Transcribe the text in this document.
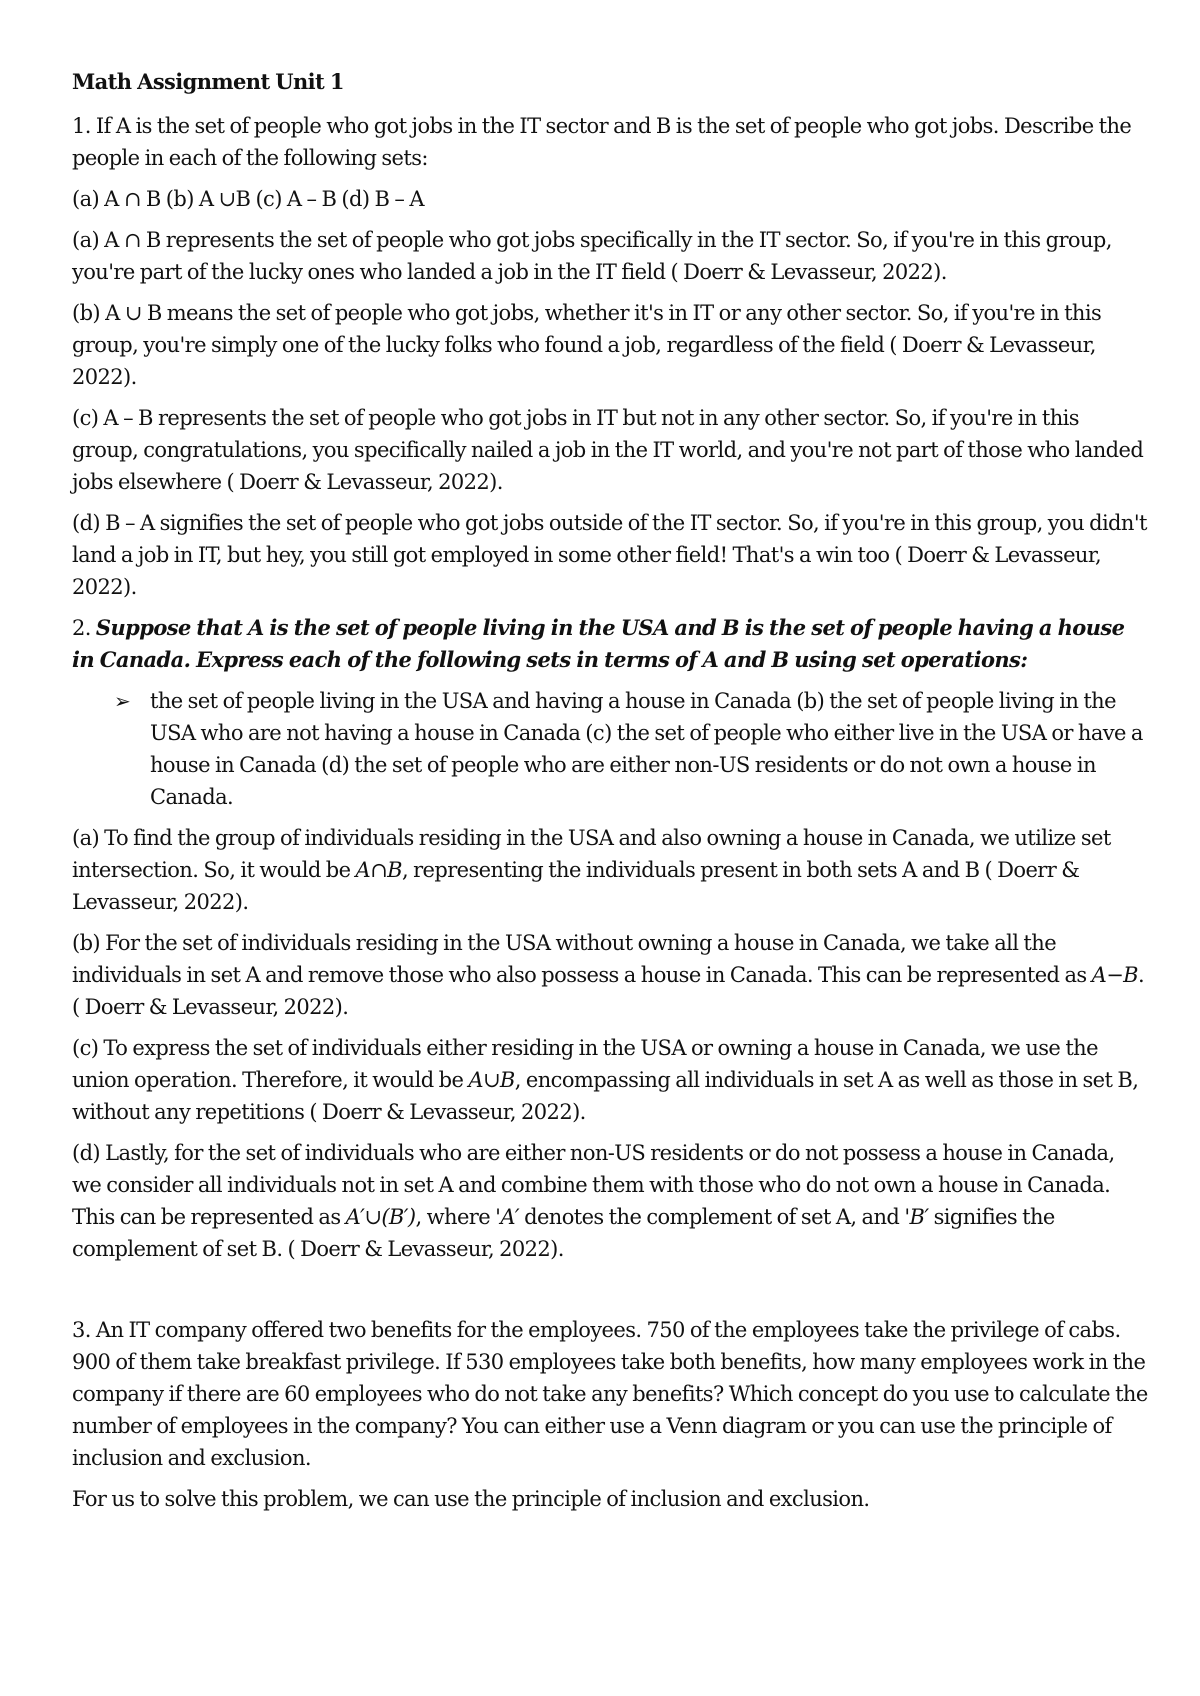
Math Assignment Unit 1

1. If A is the set of people who got jobs in the IT sector and B is the set of people who got jobs. Describe the people in each of the following sets:

(a) A ∩ B (b) A ∪B (c) A – B (d) B – A

(a) A ∩ B represents the set of people who got jobs specifically in the IT sector. So, if you're in this group, you're part of the lucky ones who landed a job in the IT field ( Doerr & Levasseur, 2022).

(b) A ∪ B means the set of people who got jobs, whether it's in IT or any other sector. So, if you're in this group, you're simply one of the lucky folks who found a job, regardless of the field ( Doerr & Levasseur, 2022).

(c) A – B represents the set of people who got jobs in IT but not in any other sector. So, if you're in this group, congratulations, you specifically nailed a job in the IT world, and you're not part of those who landed jobs elsewhere ( Doerr & Levasseur, 2022).

(d) B – A signifies the set of people who got jobs outside of the IT sector. So, if you're in this group, you didn't land a job in IT, but hey, you still got employed in some other field! That's a win too ( Doerr & Levasseur, 2022).

2. Suppose that A is the set of people living in the USA and B is the set of people having a house in Canada. Express each of the following sets in terms of A and B using set operations:

➢ the set of people living in the USA and having a house in Canada (b) the set of people living in the USA who are not having a house in Canada (c) the set of people who either live in the USA or have a house in Canada (d) the set of people who are either non-US residents or do not own a house in Canada.

(a) To find the group of individuals residing in the USA and also owning a house in Canada, we utilize set intersection. So, it would be A∩B, representing the individuals present in both sets A and B ( Doerr & Levasseur, 2022).

(b) For the set of individuals residing in the USA without owning a house in Canada, we take all the individuals in set A and remove those who also possess a house in Canada. This can be represented as A−B. ( Doerr & Levasseur, 2022).

(c) To express the set of individuals either residing in the USA or owning a house in Canada, we use the union operation. Therefore, it would be A∪B, encompassing all individuals in set A as well as those in set B, without any repetitions ( Doerr & Levasseur, 2022).

(d) Lastly, for the set of individuals who are either non-US residents or do not possess a house in Canada, we consider all individuals not in set A and combine them with those who do not own a house in Canada. This can be represented as A′∪(B′), where 'A′ denotes the complement of set A, and 'B′ signifies the complement of set B. ( Doerr & Levasseur, 2022).

3. An IT company offered two benefits for the employees. 750 of the employees take the privilege of cabs. 900 of them take breakfast privilege. If 530 employees take both benefits, how many employees work in the company if there are 60 employees who do not take any benefits? Which concept do you use to calculate the number of employees in the company? You can either use a Venn diagram or you can use the principle of inclusion and exclusion.

For us to solve this problem, we can use the principle of inclusion and exclusion.
